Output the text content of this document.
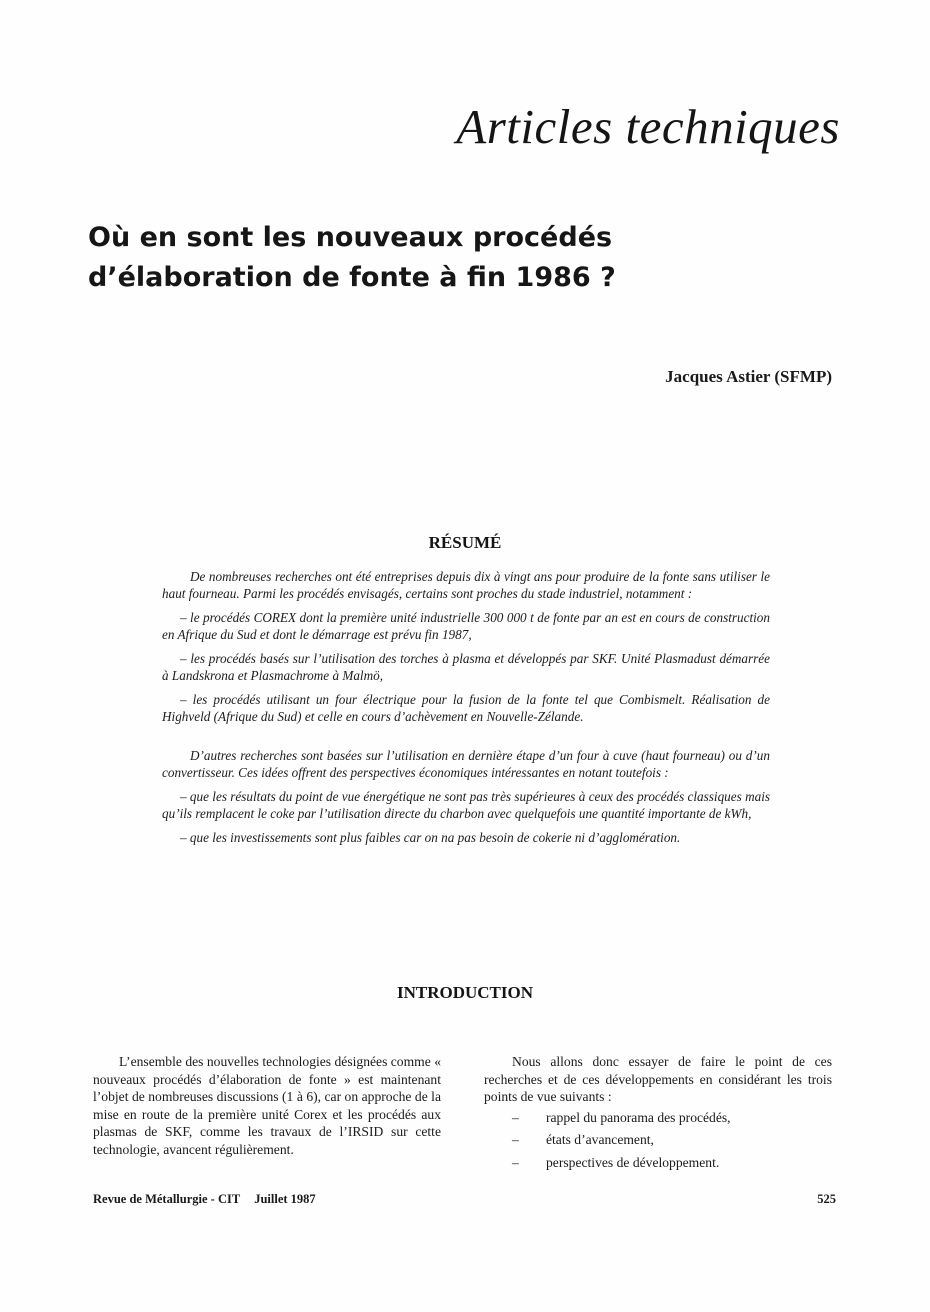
Articles techniques
Où en sont les nouveaux procédés
d’élaboration de fonte à fin 1986 ?
Jacques Astier (SFMP)
RÉSUMÉ

De nombreuses recherches ont été entreprises depuis dix à vingt ans pour produire de la fonte sans utiliser le haut fourneau. Parmi les procédés envisagés, certains sont proches du stade industriel, notamment :

– le procédés COREX dont la première unité industrielle 300 000 t de fonte par an est en cours de construction en Afrique du Sud et dont le démarrage est prévu fin 1987,
– les procédés basés sur l’utilisation des torches à plasma et développés par SKF. Unité Plasmadust démarrée à Landskrona et Plasmachrome à Malmö,
– les procédés utilisant un four électrique pour la fusion de la fonte tel que Combismelt. Réalisation de Highveld (Afrique du Sud) et celle en cours d’achèvement en Nouvelle-Zélande.

D’autres recherches sont basées sur l’utilisation en dernière étape d’un four à cuve (haut fourneau) ou d’un convertisseur. Ces idées offrent des perspectives économiques intéressantes en notant toutefois :

– que les résultats du point de vue énergétique ne sont pas très supérieures à ceux des procédés classiques mais qu’ils remplacent le coke par l’utilisation directe du charbon avec quelquefois une quantité importante de kWh,
– que les investissements sont plus faibles car on na pas besoin de cokerie ni d’agglomération.
INTRODUCTION

L’ensemble des nouvelles technologies désignées comme « nouveaux procédés d’élaboration de fonte » est maintenant l’objet de nombreuses discussions (1 à 6), car on approche de la mise en route de la première unité Corex et les procédés aux plasmas de SKF, comme les travaux de l’IRSID sur cette technologie, avancent régulièrement.

Nous allons donc essayer de faire le point de ces recherches et de ces développements en considérant les trois points de vue suivants :

–	rappel du panorama des procédés,
–	états d’avancement,
–	perspectives de développement.
Revue de Métallurgie - CIT Juillet 1987	525
